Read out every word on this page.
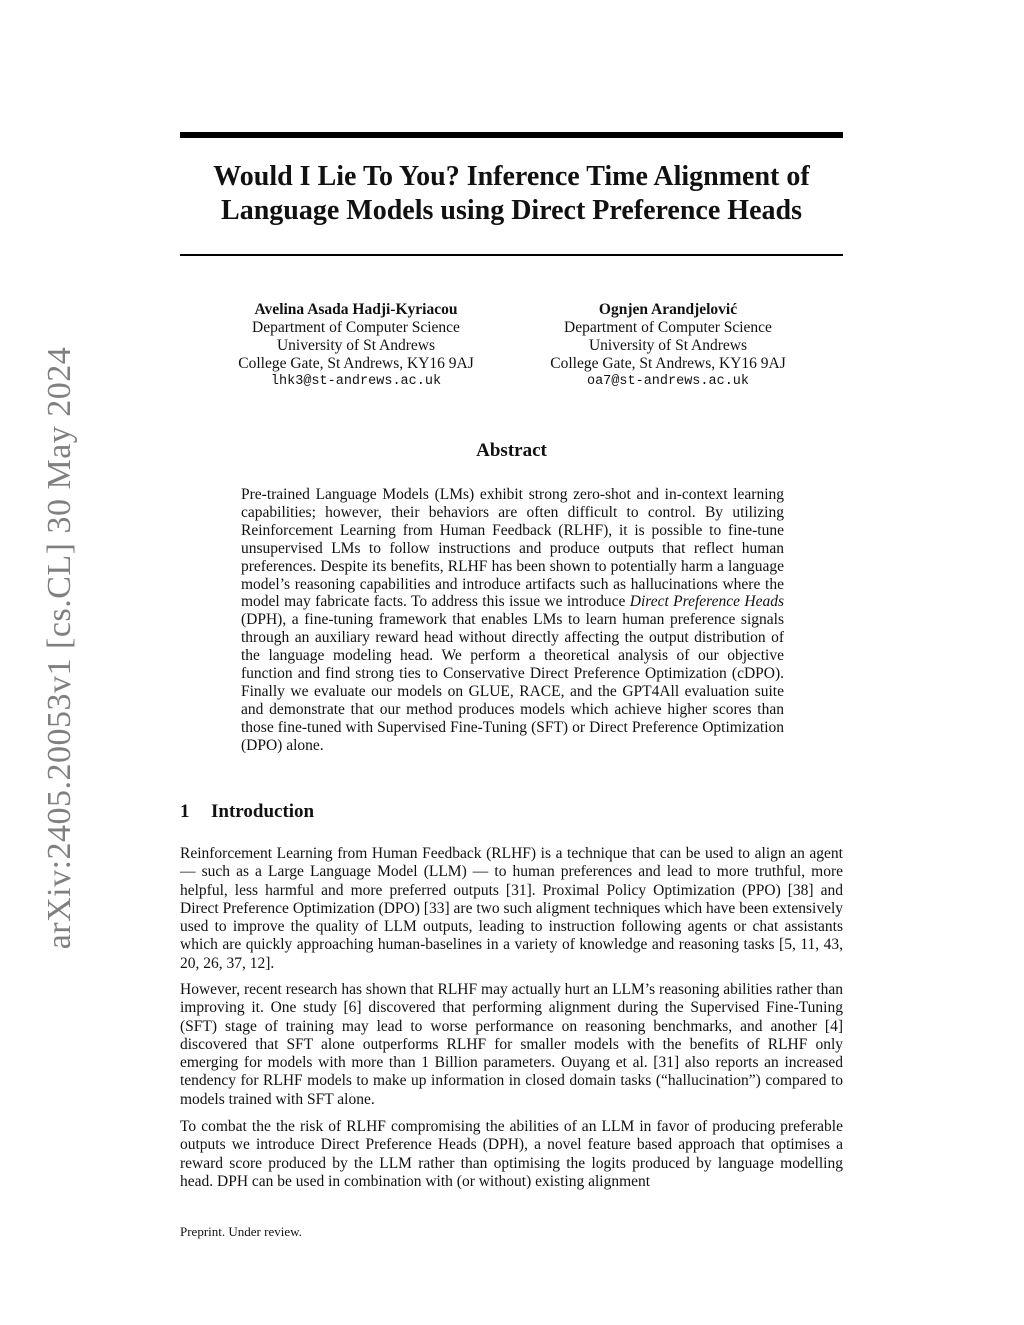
arXiv:2405.20053v1 [cs.CL] 30 May 2024
Would I Lie To You? Inference Time Alignment of
Language Models using Direct Preference Heads
Avelina Asada Hadji-Kyriacou
Department of Computer Science
University of St Andrews
College Gate, St Andrews, KY16 9AJ
lhk3@st-andrews.ac.uk
Ognjen Arandjelović
Department of Computer Science
University of St Andrews
College Gate, St Andrews, KY16 9AJ
oa7@st-andrews.ac.uk
Abstract

Pre-trained Language Models (LMs) exhibit strong zero-shot and in-context learning capabilities; however, their behaviors are often difficult to control. By utilizing Reinforcement Learning from Human Feedback (RLHF), it is possible to fine-tune unsupervised LMs to follow instructions and produce outputs that reflect human preferences. Despite its benefits, RLHF has been shown to potentially harm a language model’s reasoning capabilities and introduce artifacts such as hallucinations where the model may fabricate facts. To address this issue we introduce Direct Preference Heads (DPH), a fine-tuning framework that enables LMs to learn human preference signals through an auxiliary reward head without directly affecting the output distribution of the language modeling head. We perform a theoretical analysis of our objective function and find strong ties to Conservative Direct Preference Optimization (cDPO). Finally we evaluate our models on GLUE, RACE, and the GPT4All evaluation suite and demonstrate that our method produces models which achieve higher scores than those fine-tuned with Supervised Fine-Tuning (SFT) or Direct Preference Optimization (DPO) alone.

1 Introduction

Reinforcement Learning from Human Feedback (RLHF) is a technique that can be used to align an agent — such as a Large Language Model (LLM) — to human preferences and lead to more truthful, more helpful, less harmful and more preferred outputs [31]. Proximal Policy Optimization (PPO) [38] and Direct Preference Optimization (DPO) [33] are two such aligment techniques which have been extensively used to improve the quality of LLM outputs, leading to instruction following agents or chat assistants which are quickly approaching human-baselines in a variety of knowledge and reasoning tasks [5, 11, 43, 20, 26, 37, 12].

However, recent research has shown that RLHF may actually hurt an LLM’s reasoning abilities rather than improving it. One study [6] discovered that performing alignment during the Supervised Fine-Tuning (SFT) stage of training may lead to worse performance on reasoning benchmarks, and another [4] discovered that SFT alone outperforms RLHF for smaller models with the benefits of RLHF only emerging for models with more than 1 Billion parameters. Ouyang et al. [31] also reports an increased tendency for RLHF models to make up information in closed domain tasks (“hallucination”) compared to models trained with SFT alone.

To combat the the risk of RLHF compromising the abilities of an LLM in favor of producing preferable outputs we introduce Direct Preference Heads (DPH), a novel feature based approach that optimises a reward score produced by the LLM rather than optimising the logits produced by language modelling head. DPH can be used in combination with (or without) existing alignment

Preprint. Under review.
